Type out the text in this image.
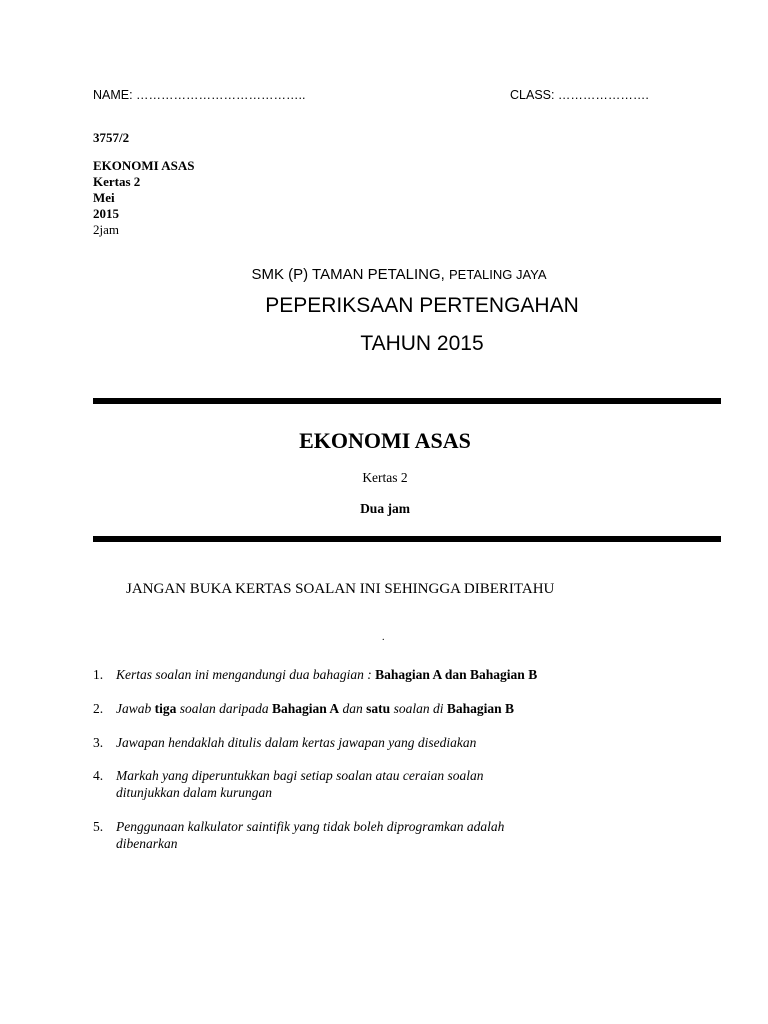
NAME: …………………………………..	CLASS: ………………….
3757/2
EKONOMI ASAS
Kertas 2
Mei
2015
2jam
SMK (P) TAMAN PETALING, PETALING JAYA
PEPERIKSAAN PERTENGAHAN
TAHUN 2015
EKONOMI ASAS
Kertas 2
Dua jam
JANGAN BUKA KERTAS SOALAN INI SEHINGGA DIBERITAHU
.
1. Kertas soalan ini mengandungi dua bahagian : Bahagian A dan Bahagian B
2. Jawab tiga soalan daripada Bahagian A dan satu soalan di Bahagian B
3. Jawapan hendaklah ditulis dalam kertas jawapan yang disediakan
4. Markah yang diperuntukkan bagi setiap soalan atau ceraian soalan
ditunjukkan dalam kurungan
5. Penggunaan kalkulator saintifik yang tidak boleh diprogramkan adalah
dibenarkan
